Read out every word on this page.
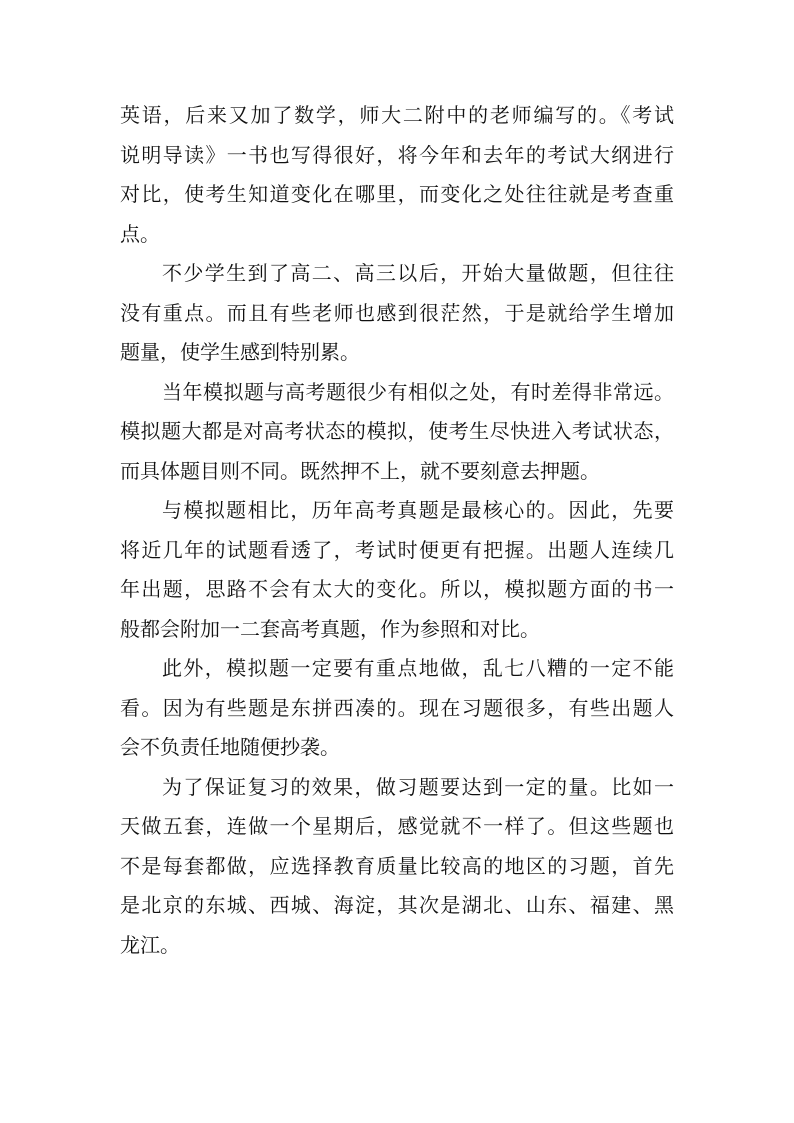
英语，后来又加了数学，师大二附中的老师编写的。《考试
说明导读》一书也写得很好，将今年和去年的考试大纲进行
对比，使考生知道变化在哪里，而变化之处往往就是考查重
点。
不少学生到了高二、高三以后，开始大量做题，但往往
没有重点。而且有些老师也感到很茫然，于是就给学生增加
题量，使学生感到特别累。
当年模拟题与高考题很少有相似之处，有时差得非常远。
模拟题大都是对高考状态的模拟，使考生尽快进入考试状态，
而具体题目则不同。既然押不上，就不要刻意去押题。
与模拟题相比，历年高考真题是最核心的。因此，先要
将近几年的试题看透了，考试时便更有把握。出题人连续几
年出题，思路不会有太大的变化。所以，模拟题方面的书一
般都会附加一二套高考真题，作为参照和对比。
此外，模拟题一定要有重点地做，乱七八糟的一定不能
看。因为有些题是东拼西凑的。现在习题很多，有些出题人
会不负责任地随便抄袭。
为了保证复习的效果，做习题要达到一定的量。比如一
天做五套，连做一个星期后，感觉就不一样了。但这些题也
不是每套都做，应选择教育质量比较高的地区的习题，首先
是北京的东城、西城、海淀，其次是湖北、山东、福建、黑
龙江。
